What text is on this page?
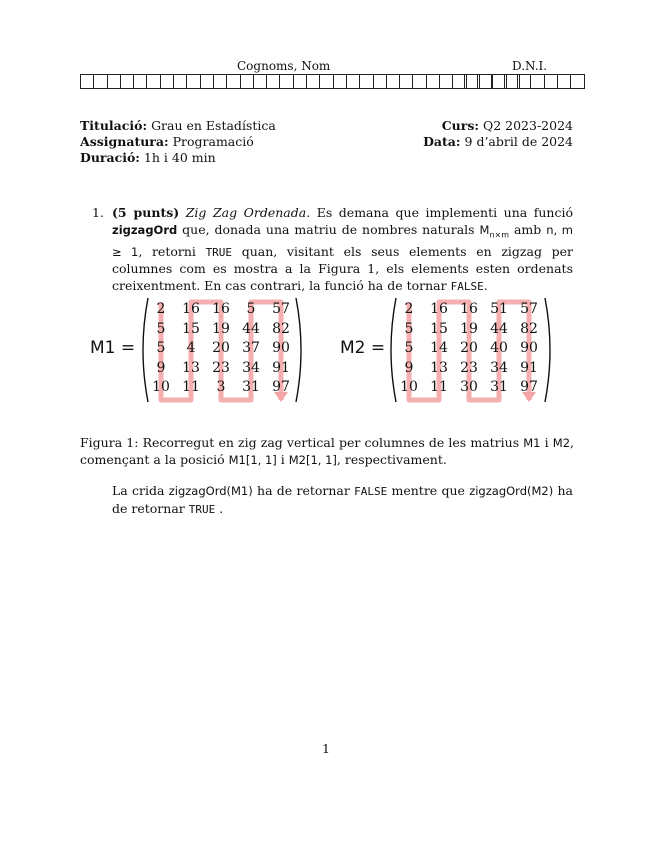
Cognoms, Nom	D.N.I.
Titulació: Grau en Estadística
Assignatura: Programació
Duració: 1h i 40 min
Curs: Q2 2023-2024
Data: 9 d’abril de 2024
1. (5 punts) Zig Zag Ordenada. Es demana que implementi una funció zigzagOrd que, donada una matriu de nombres naturals $M_{n\times m}$ amb n, m ≥ 1, retorni TRUE quan, visitant els seus elements en zigzag per columnes com es mostra a la Figura 1, els elements esten ordenats creixentment. En cas contrari, la funció ha de tornar FALSE.
M1 =	M2 =
2	16 16	5	57
5	15 19 44 82
5	4	20 37 90
9	13 23 34 91
10 11	3	31 97
2	16 16 51 57
5	15 19 44 82
5	14 20 40 90
9	13 23 34 91
10 11 30 31 97
Figura 1: Recorregut en zig zag vertical per columnes de les matrius M1 i M2, començant a la posició M1[1, 1] i M2[1, 1], respectivament.
La crida zigzagOrd(M1) ha de retornar FALSE mentre que zigzagOrd(M2) ha de retornar TRUE .
1
